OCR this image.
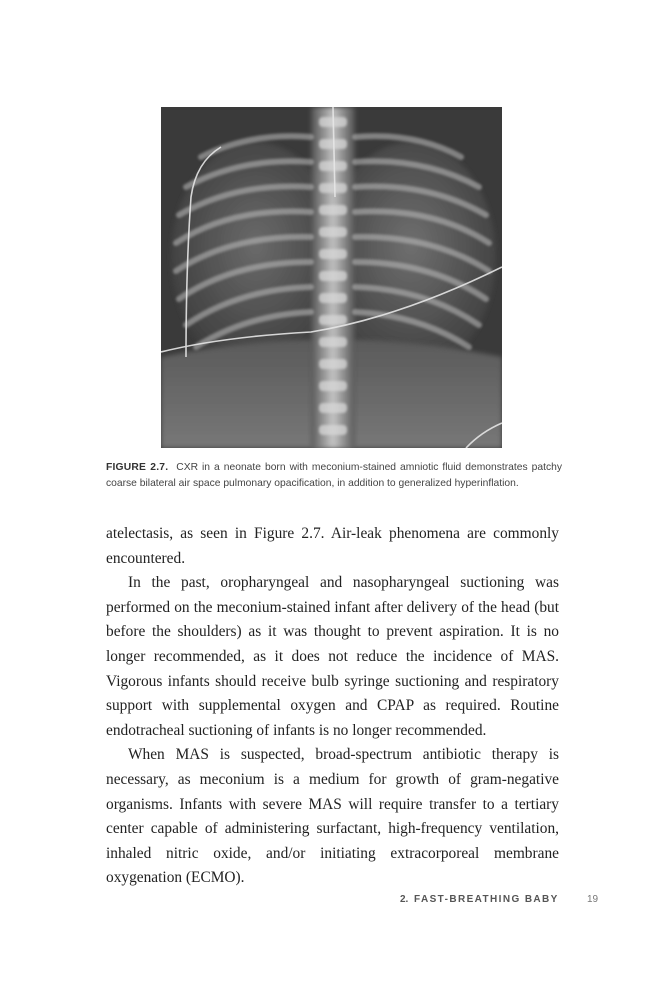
FIGURE 2.7. CXR in a neonate born with meconium-stained amniotic fluid demonstrates patchy coarse bilateral air space pulmonary opacification, in addition to generalized hyperinflation.

atelectasis, as seen in Figure 2.7. Air-leak phenomena are commonly encountered.

In the past, oropharyngeal and nasopharyngeal suctioning was performed on the meconium-stained infant after delivery of the head (but before the shoulders) as it was thought to prevent aspiration. It is no longer recommended, as it does not reduce the incidence of MAS. Vigorous infants should receive bulb syringe suctioning and respiratory support with supplemental oxygen and CPAP as required. Routine endotracheal suctioning of infants is no longer recommended.

When MAS is suspected, broad-spectrum antibiotic therapy is necessary, as meconium is a medium for growth of gram-negative organisms. Infants with severe MAS will require transfer to a tertiary center capable of administering surfactant, high-frequency ventilation, inhaled nitric oxide, and/or initiating extracorporeal membrane oxygenation (ECMO).

2. FAST-BREATHING BABY	19
